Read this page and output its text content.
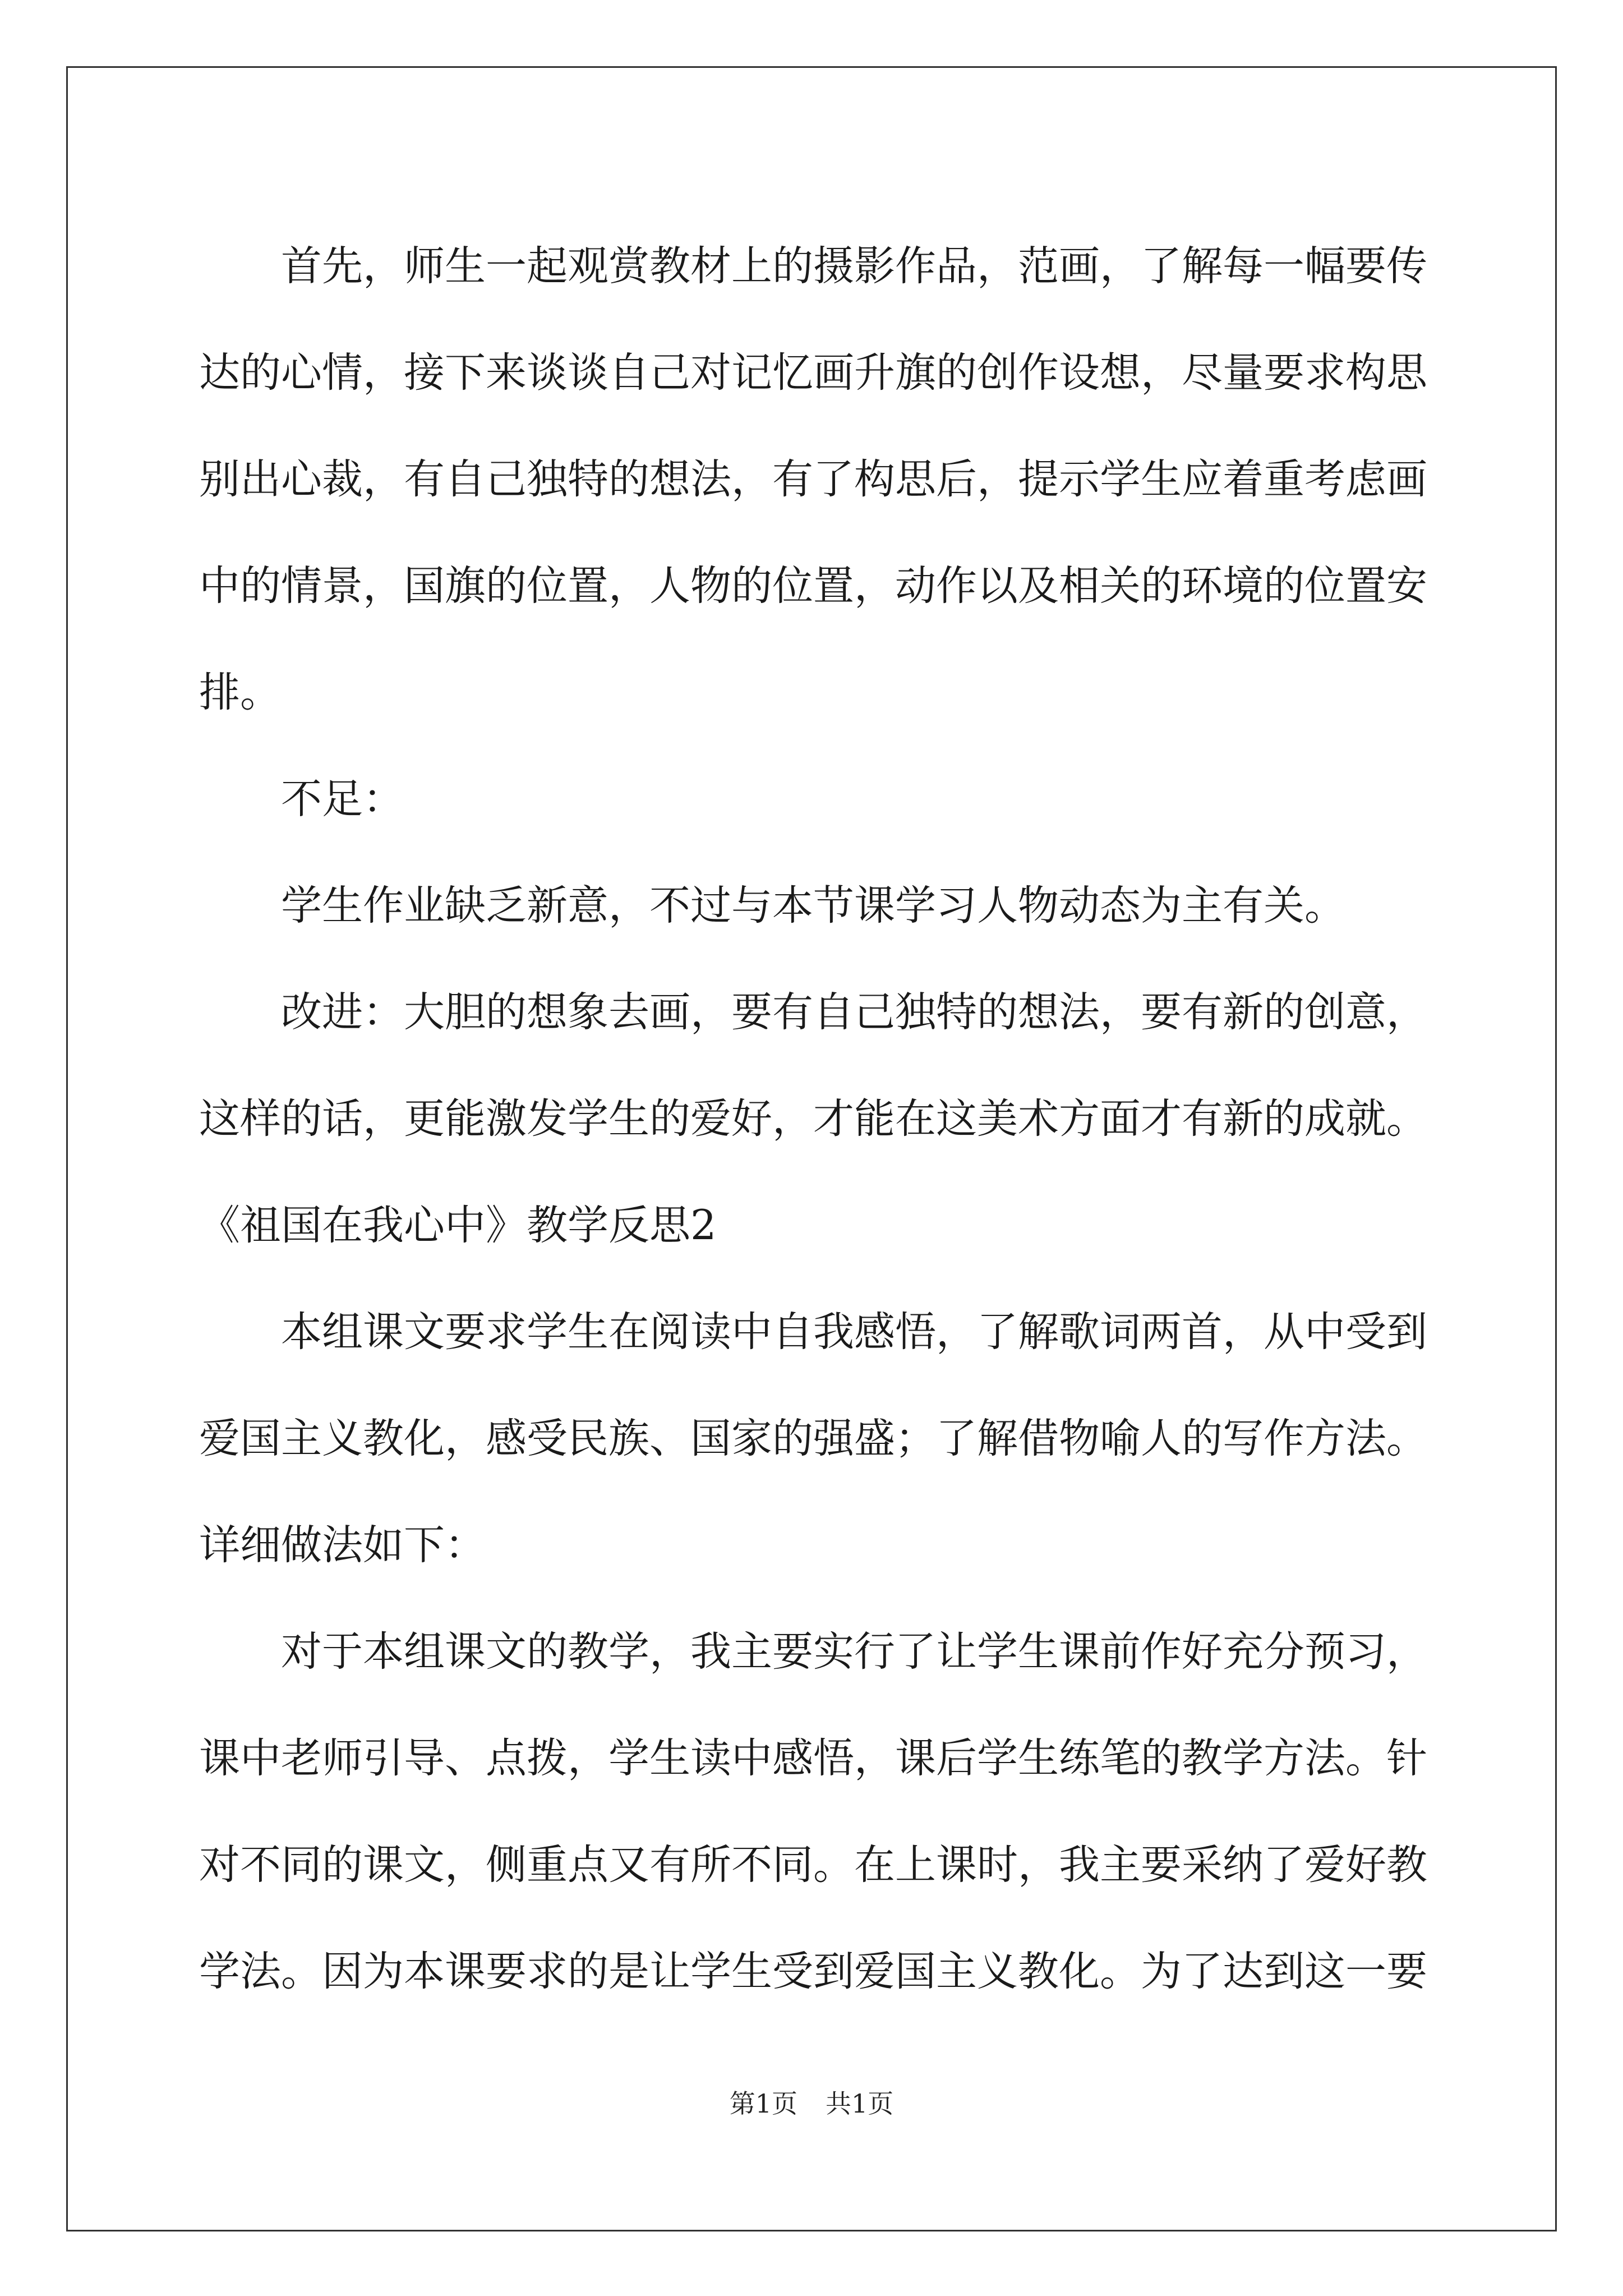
首先，师生一起观赏教材上的摄影作品，范画，了解每一幅要传达的心情，接下来谈谈自己对记忆画升旗的创作设想，尽量要求构思别出心裁，有自己独特的想法，有了构思后，提示学生应着重考虑画中的情景，国旗的位置，人物的位置，动作以及相关的环境的位置安排。

不足：

学生作业缺乏新意，不过与本节课学习人物动态为主有关。

改进：大胆的想象去画，要有自己独特的想法，要有新的创意，这样的话，更能激发学生的爱好，才能在这美术方面才有新的成就。

《祖国在我心中》教学反思2

本组课文要求学生在阅读中自我感悟，了解歌词两首，从中受到爱国主义教化，感受民族、国家的强盛；了解借物喻人的写作方法。详细做法如下：

对于本组课文的教学，我主要实行了让学生课前作好充分预习，课中老师引导、点拨，学生读中感悟，课后学生练笔的教学方法。针对不同的课文，侧重点又有所不同。在上课时，我主要采纳了爱好教学法。因为本课要求的是让学生受到爱国主义教化。为了达到这一要

第1页 共1页
